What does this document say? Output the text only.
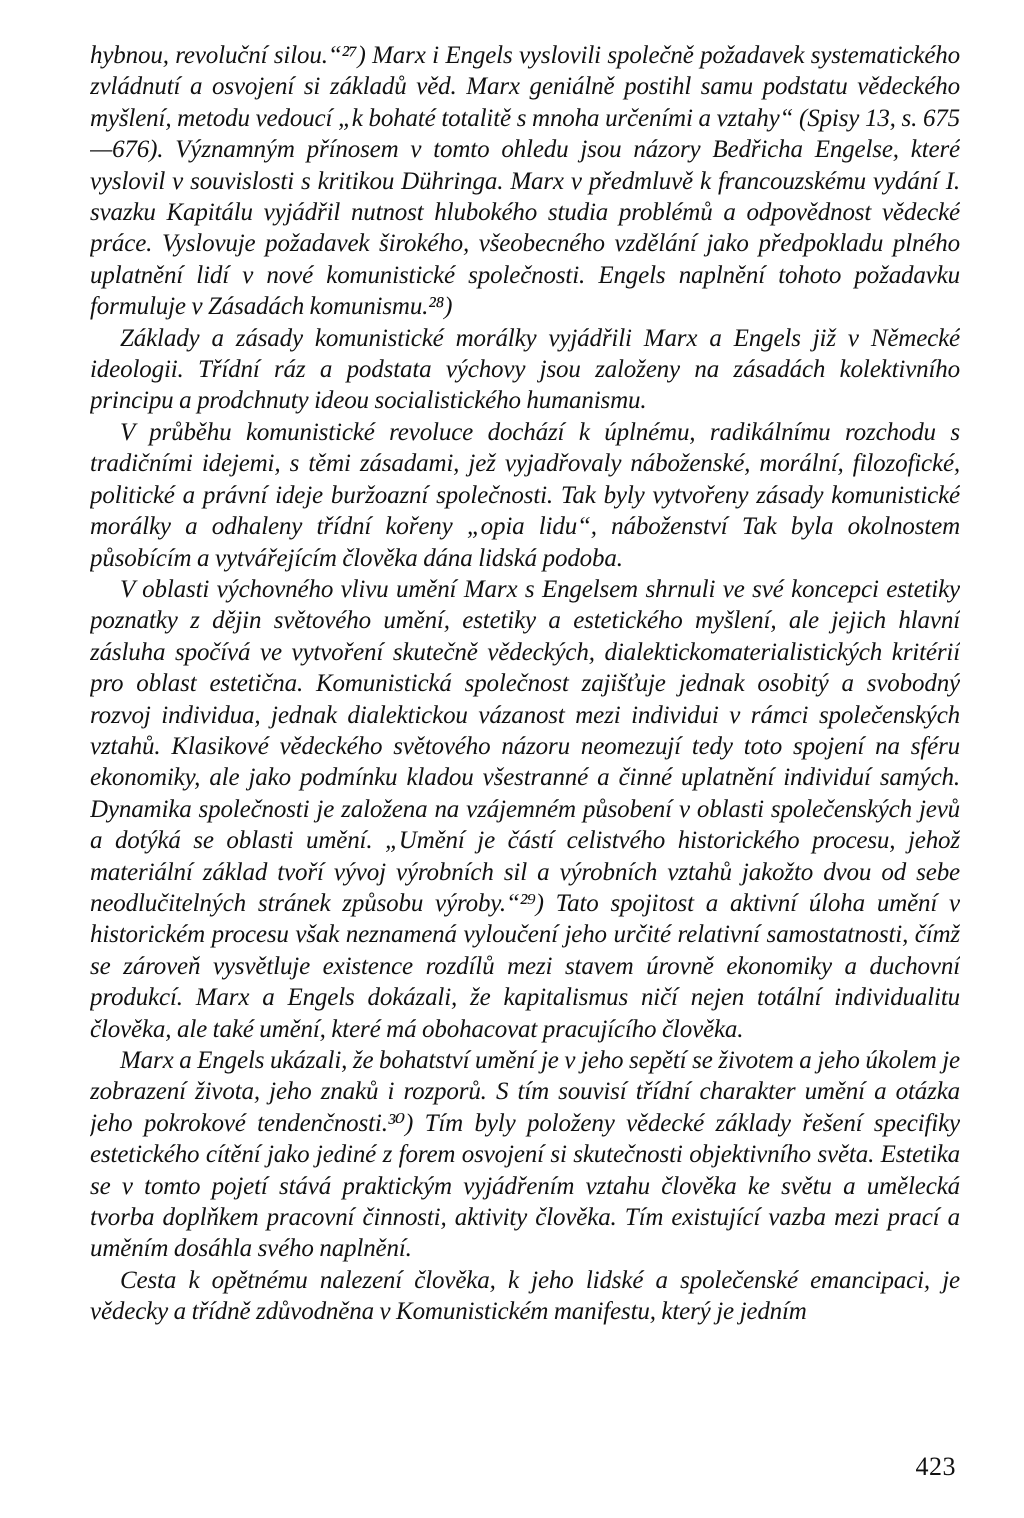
hybnou, revoluční silou.“²⁷) Marx i Engels vyslovili společně požadavek systematického zvládnutí a osvojení si základů věd. Marx geniálně postihl samu podstatu vědeckého myšlení, metodu vedoucí „k bohaté totalitě s mnoha určeními a vztahy“ (Spisy 13, s. 675—676). Významným přínosem v tomto ohledu jsou názory Bedřicha Engelse, které vyslovil v souvislosti s kritikou Dühringa. Marx v předmluvě k francouzskému vydání I. svazku Kapitálu vyjádřil nutnost hlubokého studia problémů a odpovědnost vědecké práce. Vyslovuje požadavek širokého, všeobecného vzdělání jako předpokladu plného uplatnění lidí v nové komunistické společnosti. Engels naplnění tohoto požadavku formuluje v Zásadách komunismu.²⁸)

Základy a zásady komunistické morálky vyjádřili Marx a Engels již v Německé ideologii. Třídní ráz a podstata výchovy jsou založeny na zásadách kolektivního principu a prodchnuty ideou socialistického humanismu.

V průběhu komunistické revoluce dochází k úplnému, radikálnímu rozchodu s tradičními idejemi, s těmi zásadami, jež vyjadřovaly náboženské, morální, filozofické, politické a právní ideje buržoazní společnosti. Tak byly vytvořeny zásady komunistické morálky a odhaleny třídní kořeny „opia lidu“, náboženství Tak byla okolnostem působícím a vytvářejícím člověka dána lidská podoba.

V oblasti výchovného vlivu umění Marx s Engelsem shrnuli ve své koncepci estetiky poznatky z dějin světového umění, estetiky a estetického myšlení, ale jejich hlavní zásluha spočívá ve vytvoření skutečně vědeckých, dialektickomaterialistických kritérií pro oblast estetična. Komunistická společnost zajišťuje jednak osobitý a svobodný rozvoj individua, jednak dialektickou vázanost mezi individui v rámci společenských vztahů. Klasikové vědeckého světového názoru neomezují tedy toto spojení na sféru ekonomiky, ale jako podmínku kladou všestranné a činné uplatnění individuí samých. Dynamika společnosti je založena na vzájemném působení v oblasti společenských jevů a dotýká se oblasti umění. „Umění je částí celistvého historického procesu, jehož materiální základ tvoří vývoj výrobních sil a výrobních vztahů jakožto dvou od sebe neodlučitelných stránek způsobu výroby.“²⁹) Tato spojitost a aktivní úloha umění v historickém procesu však neznamená vyloučení jeho určité relativní samostatnosti, čímž se zároveň vysvětluje existence rozdílů mezi stavem úrovně ekonomiky a duchovní produkcí. Marx a Engels dokázali, že kapitalismus ničí nejen totální individualitu člověka, ale také umění, které má obohacovat pracujícího člověka.

Marx a Engels ukázali, že bohatství umění je v jeho sepětí se životem a jeho úkolem je zobrazení života, jeho znaků i rozporů. S tím souvisí třídní charakter umění a otázka jeho pokrokové tendenčnosti.³⁰) Tím byly položeny vědecké základy řešení specifiky estetického cítění jako jediné z forem osvojení si skutečnosti objektivního světa. Estetika se v tomto pojetí stává praktickým vyjádřením vztahu člověka ke světu a umělecká tvorba doplňkem pracovní činnosti, aktivity člověka. Tím existující vazba mezi prací a uměním dosáhla svého naplnění.

Cesta k opětnému nalezení člověka, k jeho lidské a společenské emancipaci, je vědecky a třídně zdůvodněna v Komunistickém manifestu, který je jedním

423
